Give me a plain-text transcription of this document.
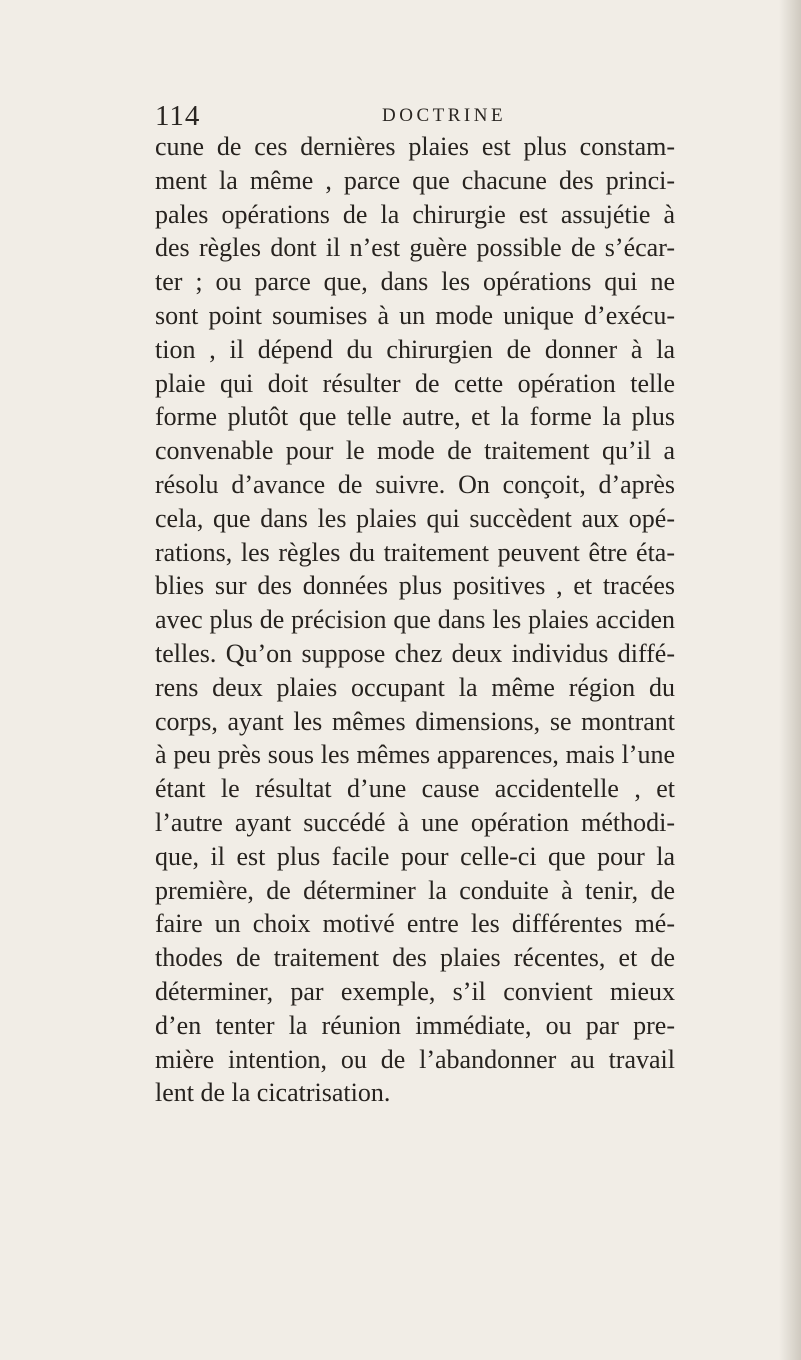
114	DOCTRINE
cune de ces dernières plaies est plus constam-
ment la même , parce que chacune des princi-
pales opérations de la chirurgie est assujétie à
des règles dont il n’est guère possible de s’écar-
ter ; ou parce que, dans les opérations qui ne
sont point soumises à un mode unique d’exécu-
tion , il dépend du chirurgien de donner à la
plaie qui doit résulter de cette opération telle
forme plutôt que telle autre, et la forme la plus
convenable pour le mode de traitement qu’il a
résolu d’avance de suivre. On conçoit, d’après
cela, que dans les plaies qui succèdent aux opé-
rations, les règles du traitement peuvent être éta-
blies sur des données plus positives , et tracées
avec plus de précision que dans les plaies acciden
telles. Qu’on suppose chez deux individus diffé-
rens deux plaies occupant la même région du
corps, ayant les mêmes dimensions, se montrant
à peu près sous les mêmes apparences, mais l’une
étant le résultat d’une cause accidentelle , et
l’autre ayant succédé à une opération méthodi-
que, il est plus facile pour celle-ci que pour la
première, de déterminer la conduite à tenir, de
faire un choix motivé entre les différentes mé-
thodes de traitement des plaies récentes, et de
déterminer, par exemple, s’il convient mieux
d’en tenter la réunion immédiate, ou par pre-
mière intention, ou de l’abandonner au travail
lent de la cicatrisation.
